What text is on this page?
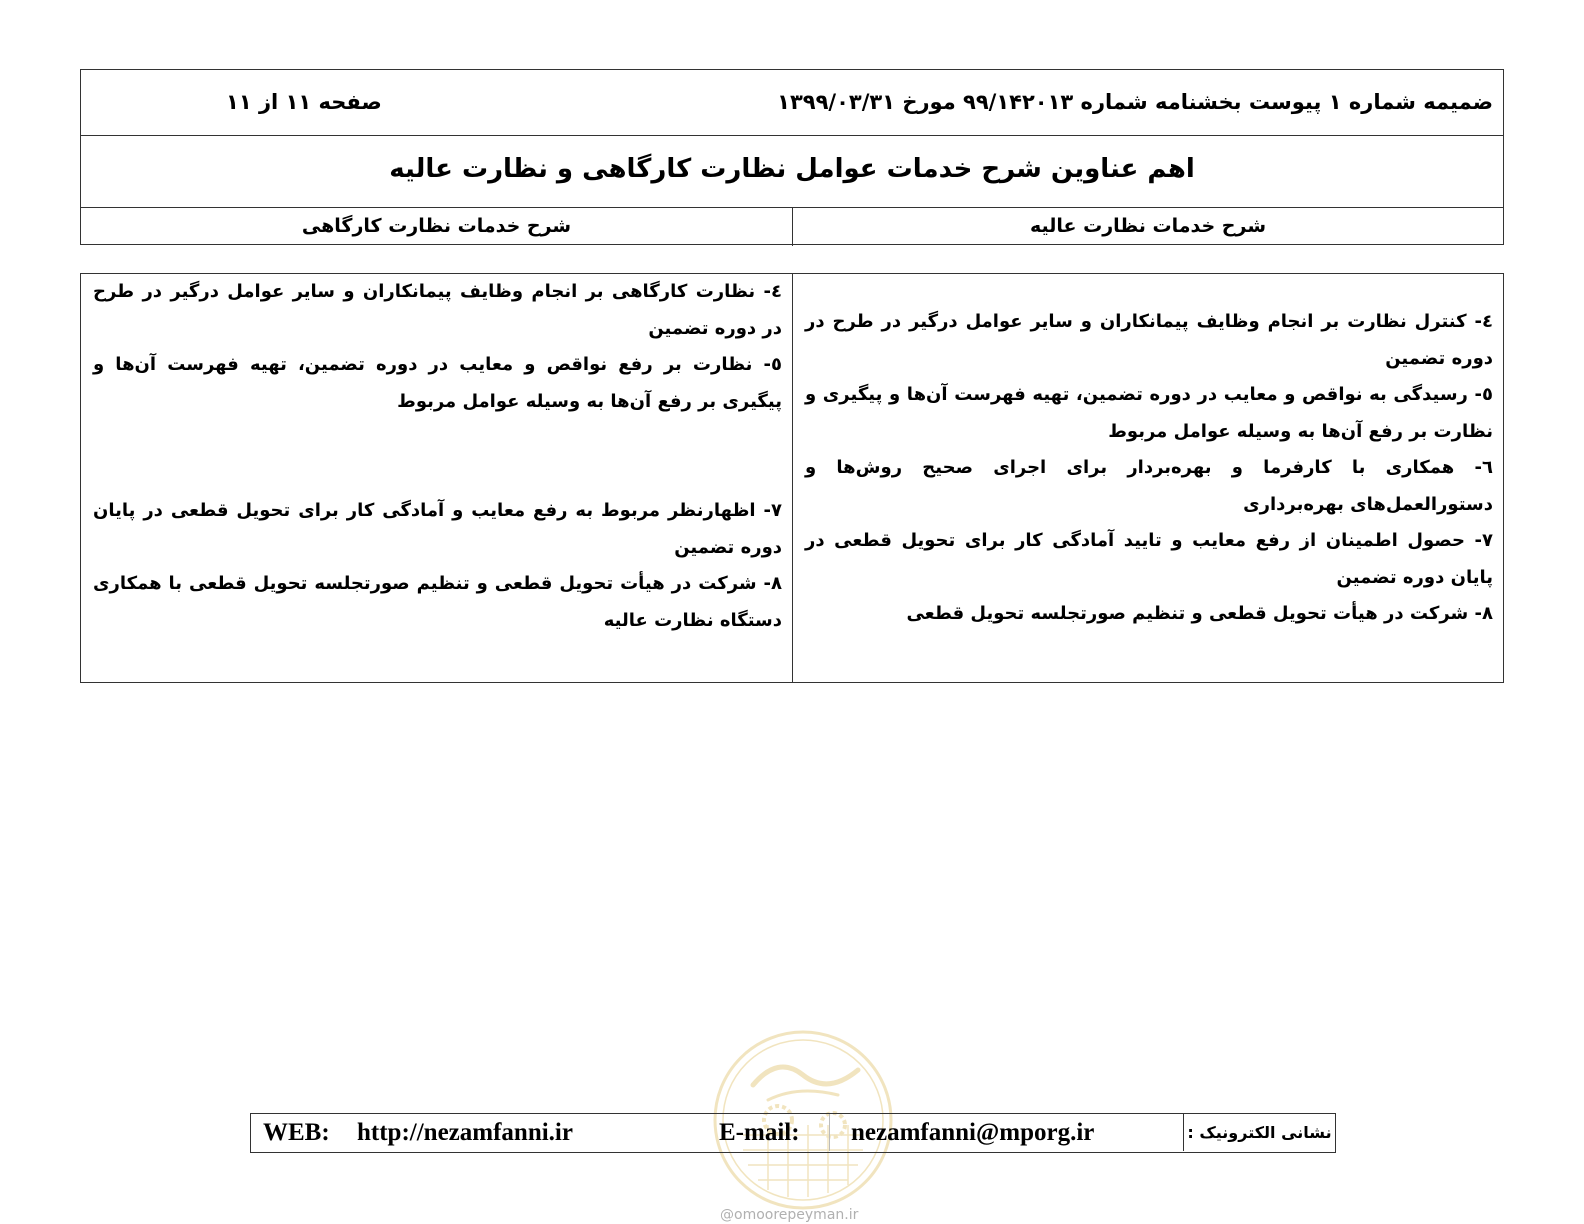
ضمیمه شماره ۱ پیوست بخشنامه شماره ۹۹/۱۴۲۰۱۳ مورخ ۱۳۹۹/۰۳/۳۱
صفحه ۱۱ از ۱۱
اهم عناوین شرح خدمات عوامل نظارت کارگاهی و نظارت عالیه
شرح خدمات نظارت عالیه
شرح خدمات نظارت کارگاهی
٤- کنترل نظارت بر انجام وظایف پیمانکاران و سایر عوامل درگیر در طرح در دوره تضمین
٥- رسیدگی به نواقص و معایب در دوره تضمین، تهیه فهرست آن‌ها و پیگیری و نظارت بر رفع آن‌ها به وسیله عوامل مربوط
٦- همکاری با کارفرما و بهره‌بردار برای اجرای صحیح روش‌ها و دستورالعمل‌های بهره‌برداری
٧- حصول اطمینان از رفع معایب و تایید آمادگی کار برای تحویل قطعی در پایان دوره تضمین
٨- شرکت در هیأت تحویل قطعی و تنظیم صورتجلسه تحویل قطعی
٤- نظارت کارگاهی بر انجام وظایف پیمانکاران و سایر عوامل درگیر در طرح در دوره تضمین
٥- نظارت بر رفع نواقص و معایب در دوره تضمین، تهیه فهرست آن‌ها و پیگیری بر رفع آن‌ها به وسیله عوامل مربوط
٧- اظهارنظر مربوط به رفع معایب و آمادگی کار برای تحویل قطعی در پایان دوره تضمین
٨- شرکت در هیأت تحویل قطعی و تنظیم صورتجلسه تحویل قطعی با همکاری دستگاه نظارت عالیه
WEB: http://nezamfanni.ir	E-mail: nezamfanni@mporg.ir	نشانی الکترونیک :
@omoorepeyman.ir
